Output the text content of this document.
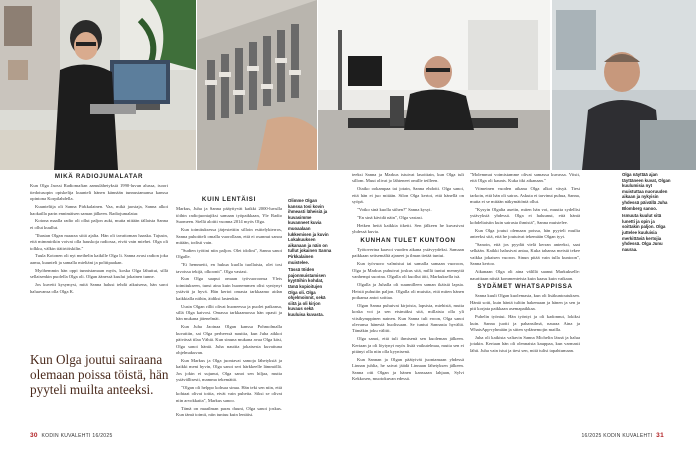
MIKÄ RADIOJUMALATAR

Kun Olga Jaossi Radiomafian aamulähetyksiä 1990-luvun alussa, isoori tiedotusopin opiskelija kuunteli hänen kännään tunnustamansa kanssa opintona Korpilahdella.

Kuunteliija oli Sanna Pirkkalainen. Vaa, mikä jaostaja, Sanna alkoi haokailla parin ennimäisen saman jälkeen. Radiojumalatar.

Kotona maalla radio oli ollut paljon auki, mutta niitään tällaista Sanna ei ollut kuullut.

"Ihastan Olgan maaraa siitä ajalta. Hän oli tavattoman haaska. Tajusin, että mimmirikin voivat olla hauskoja radiossa, eivät vain miehet. Olga oli tolkku, välkin tiäiirtöiskilin."

Tuula Kotonen oli nyt meihelin kaikille Olga li. Sanna avasi radion joka aamu, kuunteli ja samalla mieltäni ja polttipaakan.

Myöhemmin hän oppi tunnistamaan myös, koska Olga lähuttui, sillä sellaisenkin puolella Olga oli. Olgan äänessä kuului jokainen tunne.

Jos kuvetti kysymyst, mitä Sanna halusi tehdä aikuisena, hän saroi haluavansa olla Olga K.

Kun Olga joutui sairaana olemaan poissa töistä, hän pyyteli muilta anteeksi.
KUIN LENTÄISI

Markus, Juha ja Sanna pääyttyvät kaikki 2000-luvulla töihin radiojuontajiksi samaan työpaikkaan, Yle Radio Suomeen. Siellä aloitti vuonna 2014 myös Olga.

Kun toimituksessa järjestettiin silloin esittelykierros, Sanna puhoitteli omalla vuorollaan, että ei osannut sanoa mitään, todisti vain.

"Sudien työtini niin paljon. Olet idolini", Sanna sanoi Olgalle.

"Ei hemmetti, en hukua kuolla tuollaista, olet tosi tavoissa tekijä, olkoonit". Olga vastasi.

Kun Olga saapui omaan työvuoroonsa Yleis toimitukseen, tunsi aina kuin huonemmen olisi syntynyt ystävät ja hyvä. Hän kertoi omasta tarkkaamo aidan kaikkialla niihin, äidiksi lastenkin.

Uusin Olgan rillit olivat huoneessa ja puolet paikansa, sillä Olga kaivosi. Omassa tarkkaamossa hän opasti ja hän mukana jätenelmät.

Kun Juha Jaoinaa Olgan kanssa Pohmolmalla kuvattiin, sai Olga perheessä nauttia, kun Juha aikkoi päivässä tilaa Vähiä. Kun sinuna mukana avaa Olga käsi, Olga sanoi häntä. Juha nauttia jokaisesta kuvattuna ohjelmakuvan.

Kun Markus ja Olga juontavat samoja lähetyksiä ja kaikki meni hyvin, Olga sanoi seri härkkeelle lämmöllä. Jos jokin ei sujunut, Olga sanoi sen hiljaa, mutta ystävällisesti, mamma tekemättä.

"Olgan oli helppo kohsaa sinua. Hän teki sen niin, että kohtaat olivat tottia, eivät vain puhetta. Siksi se olivat niin arvokkaita", Markus sanoo.

Tämä on maailman paras duuni, Olga sanoi joskus. Kun tämä toimii, niin tuntuu kuin lentäisi.

Olimme Olgan kanssa tosi kovin ihmeasti läheisiä ja kuvasimme kuvanneet kuvia muoaalaan lukkemisen ja kuvin Lokakuuksen aikanaan ja näin on tullut jokainen Sanna Pirkkalainen muistelee.
Tässä töiden pajonmuistamisen kyytöihin kohdat, tämä kopioitujen Olga oli. Olga ohjelmoinnit, sekä siitä ja oli kirjon kuvaus sekä kuuluisa kuvasta.

teeksi Sanna ja Markus istuivat lasoittain, kun Olga tuli sillom. Muut olivat jo lähteneet omille teilleen.

Otaiko ookampaa tai jotain, Sanna ehdotti. Olga sanoi, että hän ei juo mitään. Silon Olga kertoi, että hänellä on syöpä.

"Votko sinä kuolla siihen?" Sanna kysyi.

"En sinä kävidä näin", Olga vastasi.

Hetken heitä kaikkia itketti. Sen jälkeen he kuvasivat yhdessä kuvia.

KUNHAN TULET KUNTOON

Työtoverina kaavoi vuoden aikana ystävyydeksi. Samaan paikkaan seitsemältä ajaneet ja ilman tietää tuntui.

Kun työvuoro valmistui tai samalla samaan vuoroon, Olga ja Markus puhuivat joskus sitä, millä tuntui mennyttä vanhempi suorina. Olgalla oli kuollut äiti, Markuksella isä.

Olgalla ja Juhalla oli suunnilleen saman ikäisiä lapsia. Heistä puhutiin paljon. Olgalla oli muistia, että miten hänen poikansa antoi soittaa.

Olgan Sanna puhuivat kirjoista, lapsista, miehistä, mutta koska voi ja sen etsimäksi sitä, millaista olla yli viisikymppinen nainen. Kun Sanna tuli eroon, Olga sanoi olevansa hänestä huolissaan. Se tuntui Sannasta hyvältä. Tämäkin joku välitti.

Olga sanoi, että tuli ihmisenä sen kuoleman jälkeen. Kertaan ja oli löytynyt myös lisää vaikutelmaa, mutta sen ei pitänyt olla niin olla kyynisenä.

Kun Sannan ja Olgan päätyivät juontamaan yhdessä Linnan juhlia, he saivat jäädä Linnaan lähetyksen jälkeen. Sanna otti Olgan ja hänen kanssaan lahjaan, Sylvi Kekkosen, muotokuvan edessä.

"Molemmat voimistamme olivat samassa kuvassa. Vitsit, että Olga oli kaunis. Kuka itki aikanaan."

Viimeinen vuoden aikana Olga alkoi väsyä. Tiesi tarkoin, että hän oli sairas. Askuta ei tarvinut puhua, Sanna, mutta ei se mitään näkymätöntä ollut.

"Kysyin Olgalta aueiin, miten hän voi, muutta sydellisi ystävyksiä yhdessä. Olga ei haluunut, että häntä kohdeltaisiin kuin sairasta ihmistä", Sanna muistelee.

Kun Olga joutui olemaan poissa, hän pyyteli muilta anteeksi sitä, että he joutuivat tekemään Olgan tyyt.

"Sanoin, että jos pyydät vielä kerran anteeksi, saat selkään. Kaikki halusivat antaa, Kuka tahansa meistä tekee vaikka jokaisen vuoron. Sinun pitää vain tulla kuntoon", Sanna kertoo.

Aikanaan Olga oli aina välillä saanut Markukselle: naurittaan niistä kommenteista kuin kaasu kuin vaikaan.

SYDÄMET WHATSAPPISSA

Sanna kuuli Olgan kuolemasta, kun oli lisäkuntoutuksen. Häntä sotti, kuin häntä tultiin hakemaan ja hänen ja sen ja piti korjata paikkaan asemapaikkaa.

Puhelin työntui. Hän työntyi ja oli kadonnut, lokiksi kuin. Sanna juotti ja pahansilmä, nauraa Aina ja WhatsApp-ryhmään ja sitten sydänemojin mailla.

Juha oli kaikista valtavin Sanna Michelin läsnä ja halua jotakin. Kertaan hän oli olennaista kauppaa, kun varmasti lähti. Juha vain istui ja tiesi sen, mitä tulisi tapahtumaan.

Olga näyttää ajan täyttäneen kuvat, Olgan kuulumisia nyt muistuttaa nuoruuden aikaan ja nykyisin yhdessä päivällä Juha Blomberg sanoo.
Ismuuta kuulut sitä lunetti ja opin ja soittakin paljon. Olga juttelee kuuluisia merkittäviä kertojia yhdessä. Olga Junu nauraa.
30 KODIN KUVALEHTI 16/2025	16/2025 KODIN KUVALEHTI 31
